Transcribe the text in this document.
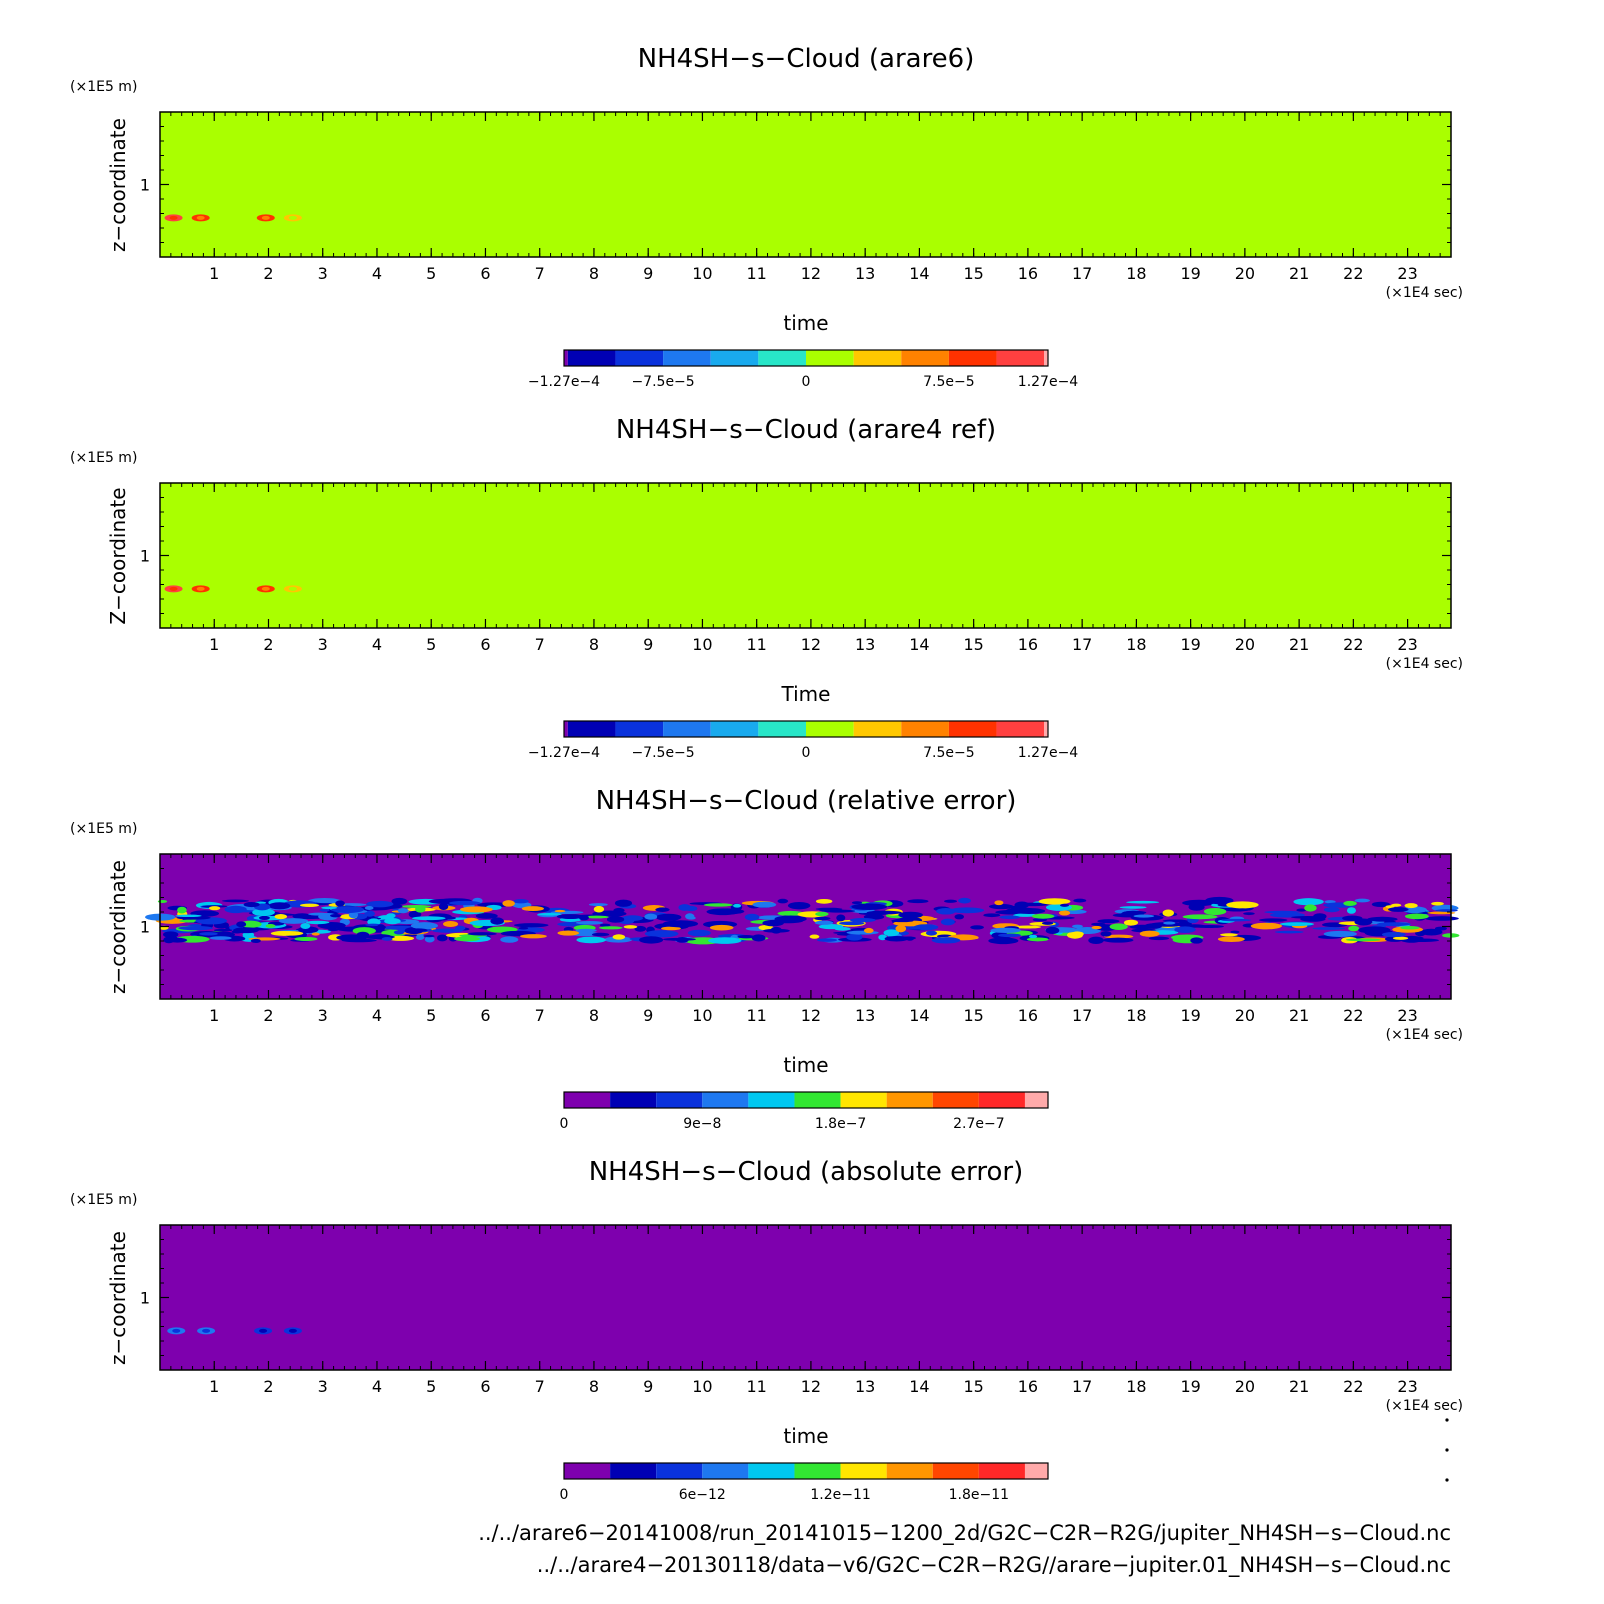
NH4SH−s−Cloud (arare6)
(×1E5 m)
z−coordinate
1	2	3	4	5	6	7	8	9 10 11 12 13 14 15 16 17 18 19 20 21 22 23
1
(×1E4 sec)
time
−1.27e−4 −7.5e−5	0	7.5e−5	1.27e−4
NH4SH−s−Cloud (arare4 ref)
(×1E5 m)
Z−coordinate
1	2	3	4	5	6	7	8	9 10 11 12 13 14 15 16 17 18 19 20 21 22 23
1
(×1E4 sec)
Time
−1.27e−4 −7.5e−5	0	7.5e−5	1.27e−4
NH4SH−s−Cloud (relative error)
(×1E5 m)
z−coordinate
1	2	3	4	5	6	7	8	9 10 11 12 13 14 15 16 17 18 19 20 21 22 23
1
(×1E4 sec)
time
0	9e−8	1.8e−7	2.7e−7
NH4SH−s−Cloud (absolute error)
(×1E5 m)
z−coordinate
1	2	3	4	5	6	7	8	9 10 11 12 13 14 15 16 17 18 19 20 21 22 23
1
(×1E4 sec)
time
0	6e−12	1.2e−11	1.8e−11
../../arare6−20141008/run_20141015−1200_2d/G2C−C2R−R2G/jupiter_NH4SH−s−Cloud.nc
../../arare4−20130118/data−v6/G2C−C2R−R2G//arare−jupiter.01_NH4SH−s−Cloud.nc
